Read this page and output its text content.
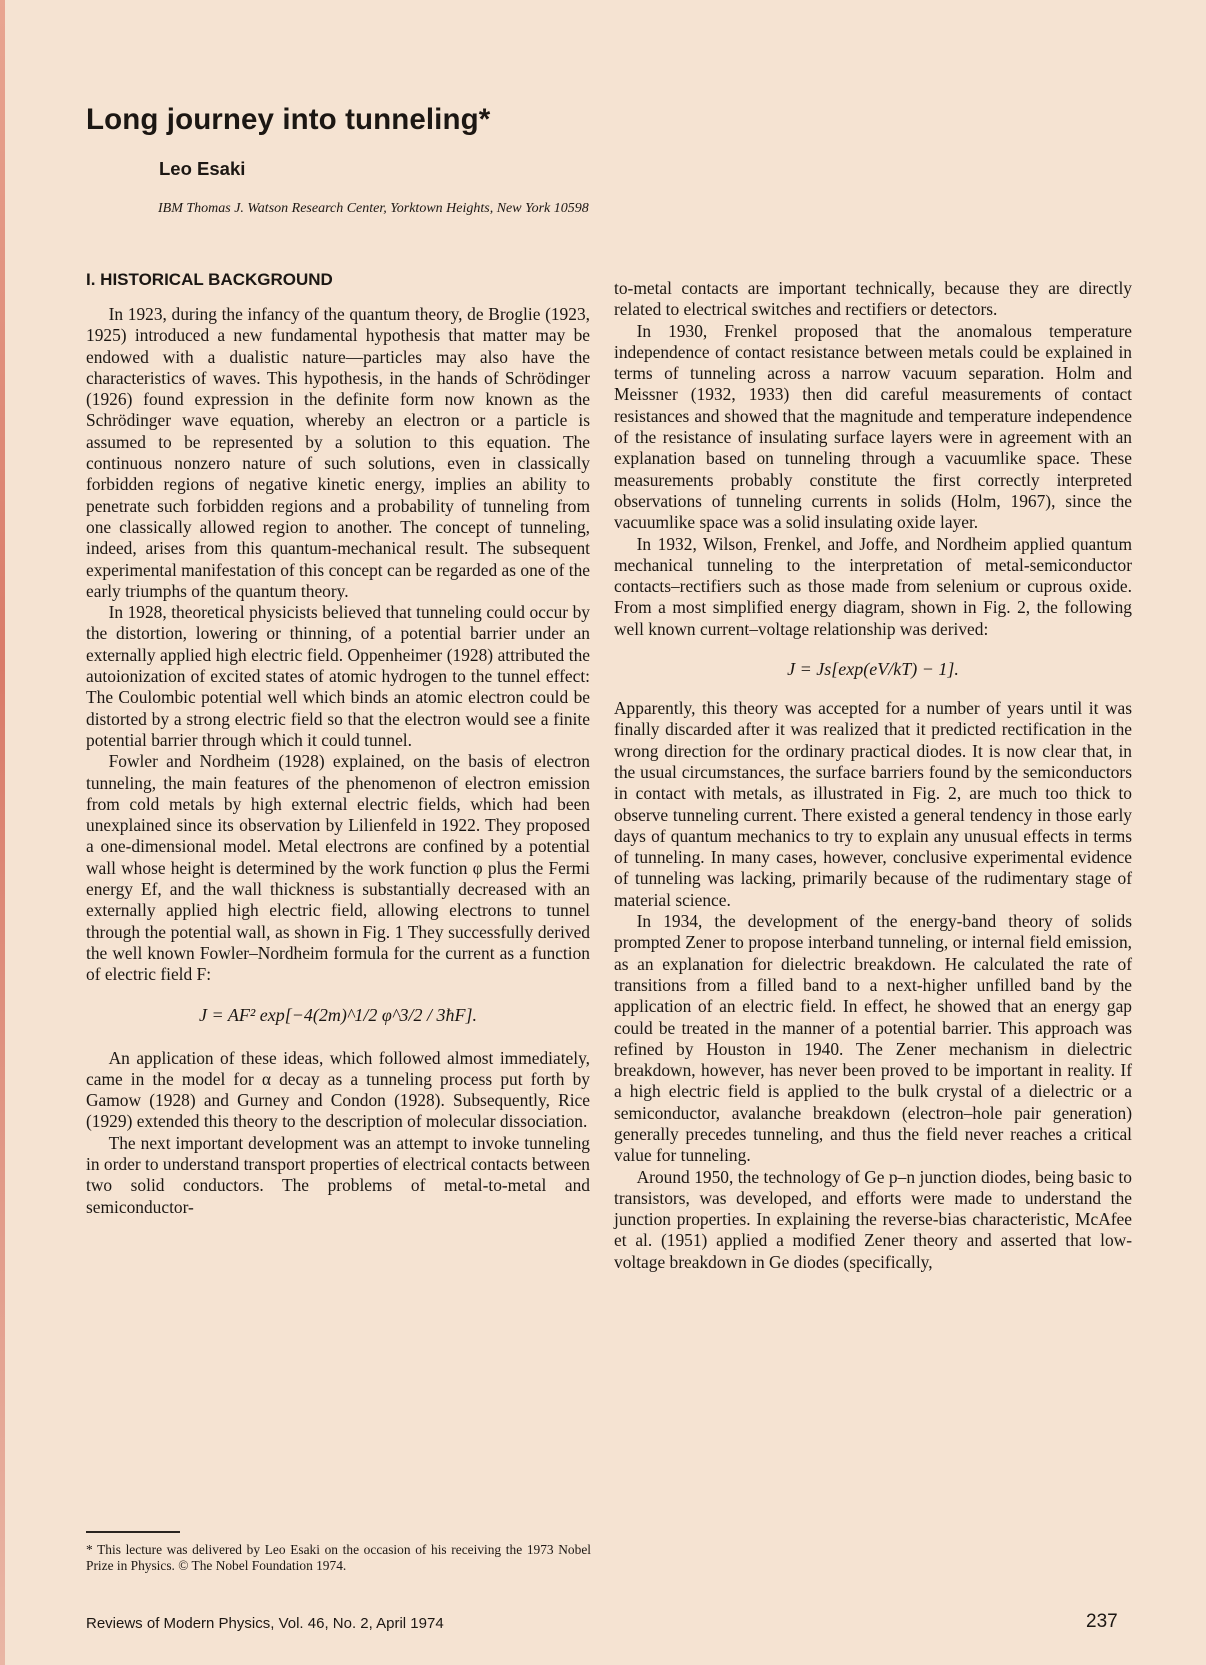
Long journey into tunneling*
Leo Esaki
IBM Thomas J. Watson Research Center, Yorktown Heights, New York 10598
I. HISTORICAL BACKGROUND

In 1923, during the infancy of the quantum theory, de Broglie (1923, 1925) introduced a new fundamental hypothesis that matter may be endowed with a dualistic nature—particles may also have the characteristics of waves. This hypothesis, in the hands of Schrödinger (1926) found expression in the definite form now known as the Schrödinger wave equation, whereby an electron or a particle is assumed to be represented by a solution to this equation. The continuous nonzero nature of such solutions, even in classically forbidden regions of negative kinetic energy, implies an ability to penetrate such forbidden regions and a probability of tunneling from one classically allowed region to another. The concept of tunneling, indeed, arises from this quantum-mechanical result. The subsequent experimental manifestation of this concept can be regarded as one of the early triumphs of the quantum theory.

In 1928, theoretical physicists believed that tunneling could occur by the distortion, lowering or thinning, of a potential barrier under an externally applied high electric field. Oppenheimer (1928) attributed the autoionization of excited states of atomic hydrogen to the tunnel effect: The Coulombic potential well which binds an atomic electron could be distorted by a strong electric field so that the electron would see a finite potential barrier through which it could tunnel.

Fowler and Nordheim (1928) explained, on the basis of electron tunneling, the main features of the phenomenon of electron emission from cold metals by high external electric fields, which had been unexplained since its observation by Lilienfeld in 1922. They proposed a one-dimensional model. Metal electrons are confined by a potential wall whose height is determined by the work function φ plus the Fermi energy Ef, and the wall thickness is substantially decreased with an externally applied high electric field, allowing electrons to tunnel through the potential wall, as shown in Fig. 1 They successfully derived the well known Fowler–Nordheim formula for the current as a function of electric field F:

J = AF² exp[−4(2m)^1/2 φ^3/2 / 3ħF].

An application of these ideas, which followed almost immediately, came in the model for α decay as a tunneling process put forth by Gamow (1928) and Gurney and Condon (1928). Subsequently, Rice (1929) extended this theory to the description of molecular dissociation.

The next important development was an attempt to invoke tunneling in order to understand transport properties of electrical contacts between two solid conductors. The problems of metal-to-metal and semiconductor-

to-metal contacts are important technically, because they are directly related to electrical switches and rectifiers or detectors.

In 1930, Frenkel proposed that the anomalous temperature independence of contact resistance between metals could be explained in terms of tunneling across a narrow vacuum separation. Holm and Meissner (1932, 1933) then did careful measurements of contact resistances and showed that the magnitude and temperature independence of the resistance of insulating surface layers were in agreement with an explanation based on tunneling through a vacuumlike space. These measurements probably constitute the first correctly interpreted observations of tunneling currents in solids (Holm, 1967), since the vacuumlike space was a solid insulating oxide layer.

In 1932, Wilson, Frenkel, and Joffe, and Nordheim applied quantum mechanical tunneling to the interpretation of metal-semiconductor contacts–rectifiers such as those made from selenium or cuprous oxide. From a most simplified energy diagram, shown in Fig. 2, the following well known current–voltage relationship was derived:

J = Js[exp(eV/kT) − 1].

Apparently, this theory was accepted for a number of years until it was finally discarded after it was realized that it predicted rectification in the wrong direction for the ordinary practical diodes. It is now clear that, in the usual circumstances, the surface barriers found by the semiconductors in contact with metals, as illustrated in Fig. 2, are much too thick to observe tunneling current. There existed a general tendency in those early days of quantum mechanics to try to explain any unusual effects in terms of tunneling. In many cases, however, conclusive experimental evidence of tunneling was lacking, primarily because of the rudimentary stage of material science.

In 1934, the development of the energy-band theory of solids prompted Zener to propose interband tunneling, or internal field emission, as an explanation for dielectric breakdown. He calculated the rate of transitions from a filled band to a next-higher unfilled band by the application of an electric field. In effect, he showed that an energy gap could be treated in the manner of a potential barrier. This approach was refined by Houston in 1940. The Zener mechanism in dielectric breakdown, however, has never been proved to be important in reality. If a high electric field is applied to the bulk crystal of a dielectric or a semiconductor, avalanche breakdown (electron–hole pair generation) generally precedes tunneling, and thus the field never reaches a critical value for tunneling.

Around 1950, the technology of Ge p–n junction diodes, being basic to transistors, was developed, and efforts were made to understand the junction properties. In explaining the reverse-bias characteristic, McAfee et al. (1951) applied a modified Zener theory and asserted that low-voltage breakdown in Ge diodes (specifically,

* This lecture was delivered by Leo Esaki on the occasion of his receiving the 1973 Nobel Prize in Physics. © The Nobel Foundation 1974.
Reviews of Modern Physics, Vol. 46, No. 2, April 1974	237
